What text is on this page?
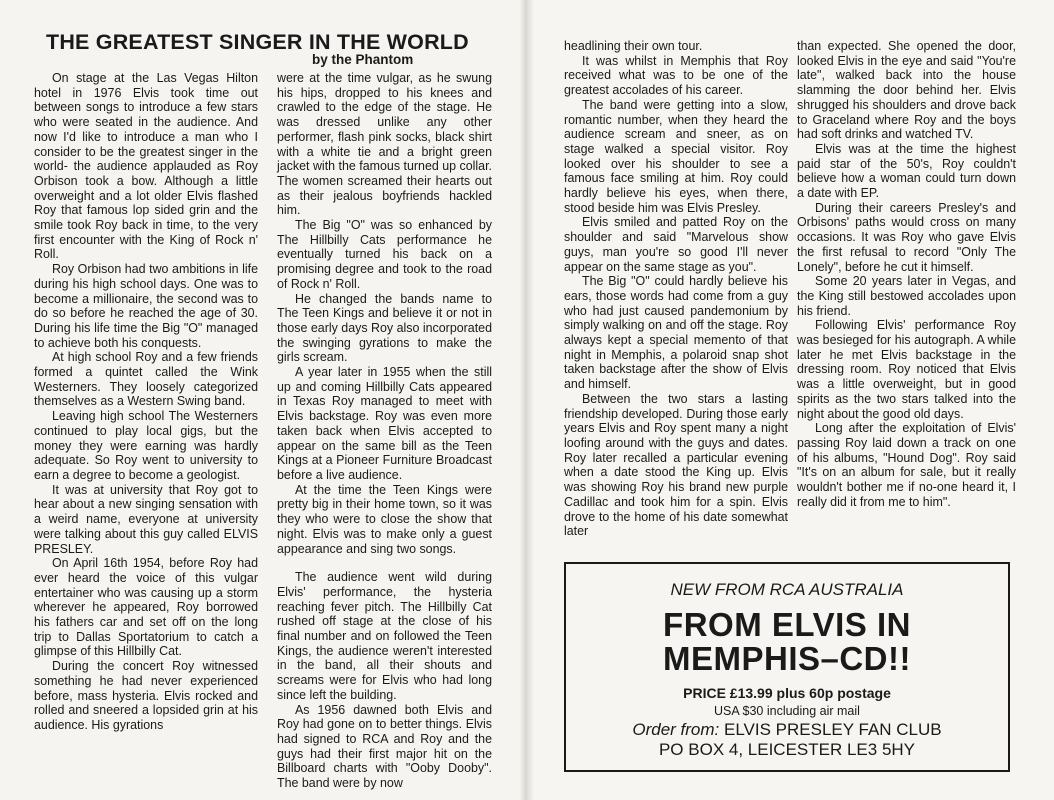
THE GREATEST SINGER IN THE WORLD
by the Phantom

On stage at the Las Vegas Hilton hotel in 1976 Elvis took time out between songs to introduce a few stars who were seated in the audience. And now I'd like to introduce a man who I consider to be the greatest singer in the world- the audience applauded as Roy Orbison took a bow. Although a little overweight and a lot older Elvis flashed Roy that famous lop sided grin and the smile took Roy back in time, to the very first encounter with the King of Rock n' Roll.

Roy Orbison had two ambitions in life during his high school days. One was to become a millionaire, the second was to do so before he reached the age of 30. During his life time the Big "O" managed to achieve both his conquests.

At high school Roy and a few friends formed a quintet called the Wink Westerners. They loosely categorized themselves as a Western Swing band.

Leaving high school The Westerners continued to play local gigs, but the money they were earning was hardly adequate. So Roy went to university to earn a degree to become a geologist.

It was at university that Roy got to hear about a new singing sensation with a weird name, everyone at university were talking about this guy called ELVIS PRESLEY.

On April 16th 1954, before Roy had ever heard the voice of this vulgar entertainer who was causing up a storm wherever he appeared, Roy borrowed his fathers car and set off on the long trip to Dallas Sportatorium to catch a glimpse of this Hillbilly Cat.

During the concert Roy witnessed something he had never experienced before, mass hysteria. Elvis rocked and rolled and sneered a lopsided grin at his audience. His gyrations

were at the time vulgar, as he swung his hips, dropped to his knees and crawled to the edge of the stage. He was dressed unlike any other performer, flash pink socks, black shirt with a white tie and a bright green jacket with the famous turned up collar. The women screamed their hearts out as their jealous boyfriends hackled him.

The Big "O" was so enhanced by The Hillbilly Cats performance he eventually turned his back on a promising degree and took to the road of Rock n' Roll.

He changed the bands name to The Teen Kings and believe it or not in those early days Roy also incorporated the swinging gyrations to make the girls scream.

A year later in 1955 when the still up and coming Hillbilly Cats appeared in Texas Roy managed to meet with Elvis backstage. Roy was even more taken back when Elvis accepted to appear on the same bill as the Teen Kings at a Pioneer Furniture Broadcast before a live audience.

At the time the Teen Kings were pretty big in their home town, so it was they who were to close the show that night. Elvis was to make only a guest appearance and sing two songs.

The audience went wild during Elvis' performance, the hysteria reaching fever pitch. The Hillbilly Cat rushed off stage at the close of his final number and on followed the Teen Kings, the audience weren't interested in the band, all their shouts and screams were for Elvis who had long since left the building.

As 1956 dawned both Elvis and Roy had gone on to better things. Elvis had signed to RCA and Roy and the guys had their first major hit on the Billboard charts with "Ooby Dooby". The band were by now

headlining their own tour.

It was whilst in Memphis that Roy received what was to be one of the greatest accolades of his career.

The band were getting into a slow, romantic number, when they heard the audience scream and sneer, as on stage walked a special visitor. Roy looked over his shoulder to see a famous face smiling at him. Roy could hardly believe his eyes, when there, stood beside him was Elvis Presley.

Elvis smiled and patted Roy on the shoulder and said "Marvelous show guys, man you're so good I'll never appear on the same stage as you".

The Big "O" could hardly believe his ears, those words had come from a guy who had just caused pandemonium by simply walking on and off the stage. Roy always kept a special memento of that night in Memphis, a polaroid snap shot taken backstage after the show of Elvis and himself.

Between the two stars a lasting friendship developed. During those early years Elvis and Roy spent many a night loofing around with the guys and dates. Roy later recalled a particular evening when a date stood the King up. Elvis was showing Roy his brand new purple Cadillac and took him for a spin. Elvis drove to the home of his date somewhat later

than expected. She opened the door, looked Elvis in the eye and said "You're late", walked back into the house slamming the door behind her. Elvis shrugged his shoulders and drove back to Graceland where Roy and the boys had soft drinks and watched TV.

Elvis was at the time the highest paid star of the 50's, Roy couldn't believe how a woman could turn down a date with EP.

During their careers Presley's and Orbisons' paths would cross on many occasions. It was Roy who gave Elvis the first refusal to record "Only The Lonely", before he cut it himself.

Some 20 years later in Vegas, and the King still bestowed accolades upon his friend.

Following Elvis' performance Roy was besieged for his autograph. A while later he met Elvis backstage in the dressing room. Roy noticed that Elvis was a little overweight, but in good spirits as the two stars talked into the night about the good old days.

Long after the exploitation of Elvis' passing Roy laid down a track on one of his albums, "Hound Dog". Roy said "It's on an album for sale, but it really wouldn't bother me if no-one heard it, I really did it from me to him".

NEW FROM RCA AUSTRALIA
FROM ELVIS IN
MEMPHIS–CD!!
PRICE £13.99 plus 60p postage
USA $30 including air mail
Order from: ELVIS PRESLEY FAN CLUB
PO BOX 4, LEICESTER LE3 5HY
